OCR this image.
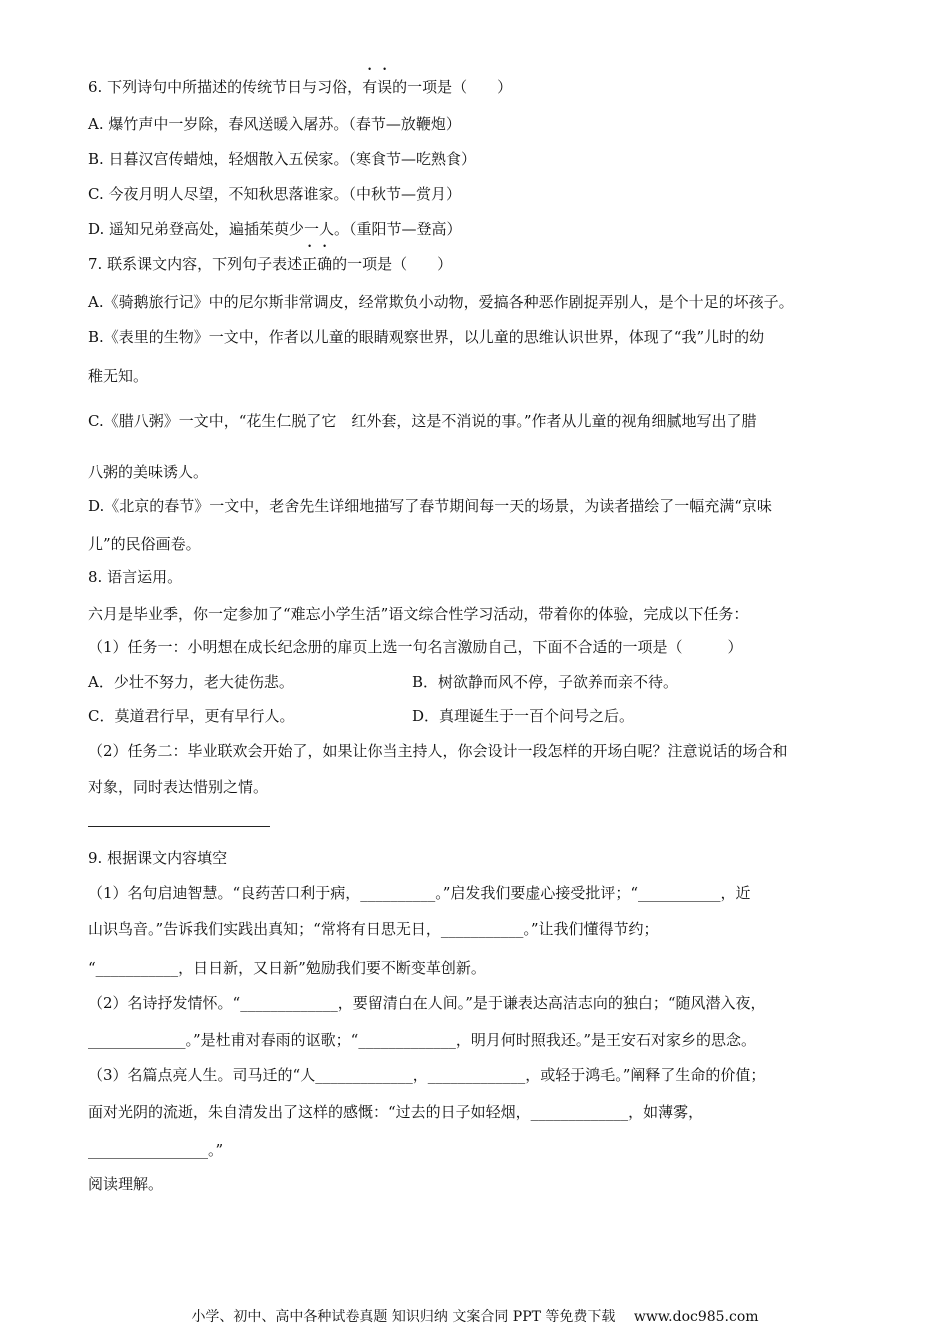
6. 下列诗句中所描述的传统节日与习俗，有误的一项是（　　）
A. 爆竹声中一岁除，春风送暖入屠苏。（春节—放鞭炮）
B. 日暮汉宫传蜡烛，轻烟散入五侯家。（寒食节—吃熟食）
C. 今夜月明人尽望，不知秋思落谁家。（中秋节—赏月）
D. 遥知兄弟登高处，遍插茱萸少一人。（重阳节—登高）
7. 联系课文内容，下列句子表述正确的一项是（　　）
A.《骑鹅旅行记》中的尼尔斯非常调皮，经常欺负小动物，爱搞各种恶作剧捉弄别人，是个十足的坏孩子。
B.《表里的生物》一文中，作者以儿童的眼睛观察世界，以儿童的思维认识世界，体现了“我”儿时的幼
稚无知。
C.《腊八粥》一文中，“花生仁脱了它　红外套，这是不消说的事。”作者从儿童的视角细腻地写出了腊
八粥的美味诱人。
D.《北京的春节》一文中，老舍先生详细地描写了春节期间每一天的场景，为读者描绘了一幅充满“京味
儿”的民俗画卷。
8. 语言运用。
六月是毕业季，你一定参加了“难忘小学生活”语文综合性学习活动，带着你的体验，完成以下任务：
（1）任务一：小明想在成长纪念册的扉页上选一句名言激励自己，下面不合适的一项是（　　　）
A．少壮不努力，老大徒伤悲。	B．树欲静而风不停，子欲养而亲不待。
C．莫道君行早，更有早行人。	D．真理诞生于一百个问号之后。
（2）任务二：毕业联欢会开始了，如果让你当主持人，你会设计一段怎样的开场白呢？注意说话的场合和
对象，同时表达惜别之情。
9. 根据课文内容填空
（1）名句启迪智慧。“良药苦口利于病，__________。”启发我们要虚心接受批评；“___________，近
山识鸟音。”告诉我们实践出真知；“常将有日思无日，___________。”让我们懂得节约；
“___________，日日新，又日新”勉励我们要不断变革创新。
（2）名诗抒发情怀。“_____________，要留清白在人间。”是于谦表达高洁志向的独白；“随风潜入夜，
_____________。”是杜甫对春雨的讴歌；“_____________，明月何时照我还。”是王安石对家乡的思念。
（3）名篇点亮人生。司马迁的“人_____________，_____________，或轻于鸿毛。”阐释了生命的价值；
面对光阴的流逝，朱自清发出了这样的感慨：“过去的日子如轻烟，_____________，如薄雾，
________________。”
阅读理解。
小学、初中、高中各种试卷真题 知识归纳 文案合同 PPT 等免费下载　 www.doc985.com
